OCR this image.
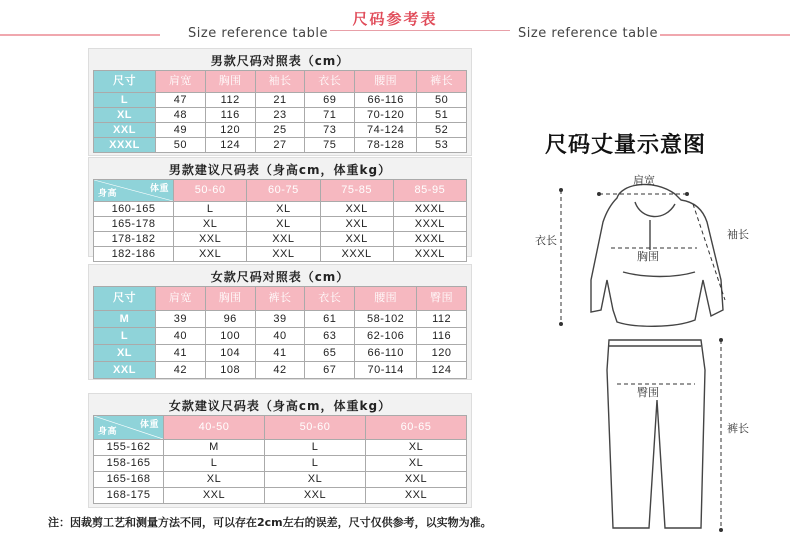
Size reference table
尺码参考表
Size reference table
男款尺码对照表（cm）
尺寸	肩宽	胸围	袖长	衣长	腰围	裤长
L	47	112	21	69	66-116	50
XL	48	116	23	71	70-120	51
XXL	49	120	25	73	74-124	52
XXXL	50	124	27	75	78-128	53
男款建议尺码表（身高cm，体重kg）
体重
身高	50-60	60-75	75-85	85-95
160-165	L	XL	XXL	XXXL
165-178	XL	XL	XXL	XXXL
178-182	XXL	XXL	XXL	XXXL
182-186	XXL	XXL	XXXL	XXXL
女款尺码对照表（cm）
尺寸	肩宽	胸围	裤长	衣长	腰围	臀围
M	39	96	39	61	58-102	112
L	40	100	40	63	62-106	116
XL	41	104	41	65	66-110	120
XXL	42	108	42	67	70-114	124
女款建议尺码表（身高cm，体重kg）
体重
身高	40-50	50-60	60-65
155-162	M	L	XL
158-165	L	L	XL
165-168	XL	XL	XXL
168-175	XXL	XXL	XXL
注：因裁剪工艺和测量方法不同，可以存在2cm左右的误差，尺寸仅供参考，以实物为准。
尺码丈量示意图
肩宽
胸围
衣长	袖长
臀围
裤长
